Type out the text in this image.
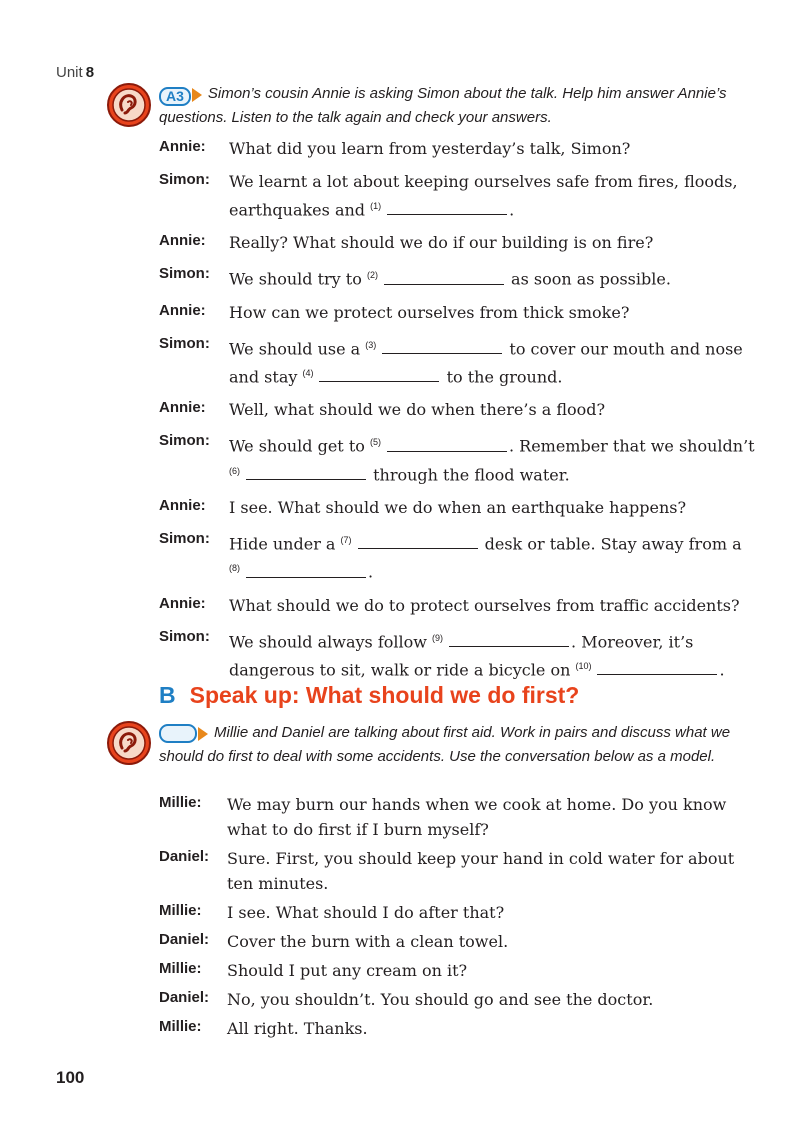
Unit 8
A3 Simon’s cousin Annie is asking Simon about the talk. Help him answer Annie’s questions. Listen to the talk again and check your answers.
Annie:	What did you learn from yesterday’s talk, Simon?
Simon:	We learnt a lot about keeping ourselves safe from fires, floods, earthquakes and $^{(1)}$	.
Annie:	Really? What should we do if our building is on fire?
Simon:	We should try to $^{(2)}$	as soon as possible.
Annie:	How can we protect ourselves from thick smoke?
Simon:	We should use a $^{(3)}$	to cover our mouth and nose and stay $^{(4)}$	to the ground.
Annie:	Well, what should we do when there’s a flood?
Simon:	We should get to $^{(5)}$	. Remember that we shouldn’t $^{(6)}$	through the flood water.
Annie:	I see. What should we do when an earthquake happens?
Simon:	Hide under a $^{(7)}$	desk or table. Stay away from a $^{(8)}$	.
Annie:	What should we do to protect ourselves from traffic accidents?
Simon:	We should always follow $^{(9)}$	. Moreover, it’s dangerous to sit, walk or ride a bicycle on $^{(10)}$	.
B Speak up: What should we do first?
Millie and Daniel are talking about first aid. Work in pairs and discuss what we should do first to deal with some accidents. Use the conversation below as a model.
Millie:	We may burn our hands when we cook at home. Do you know what to do first if I burn myself?
Daniel:	Sure. First, you should keep your hand in cold water for about ten minutes.
Millie:	I see. What should I do after that?
Daniel:	Cover the burn with a clean towel.
Millie:	Should I put any cream on it?
Daniel:	No, you shouldn’t. You should go and see the doctor.
Millie:	All right. Thanks.
100
